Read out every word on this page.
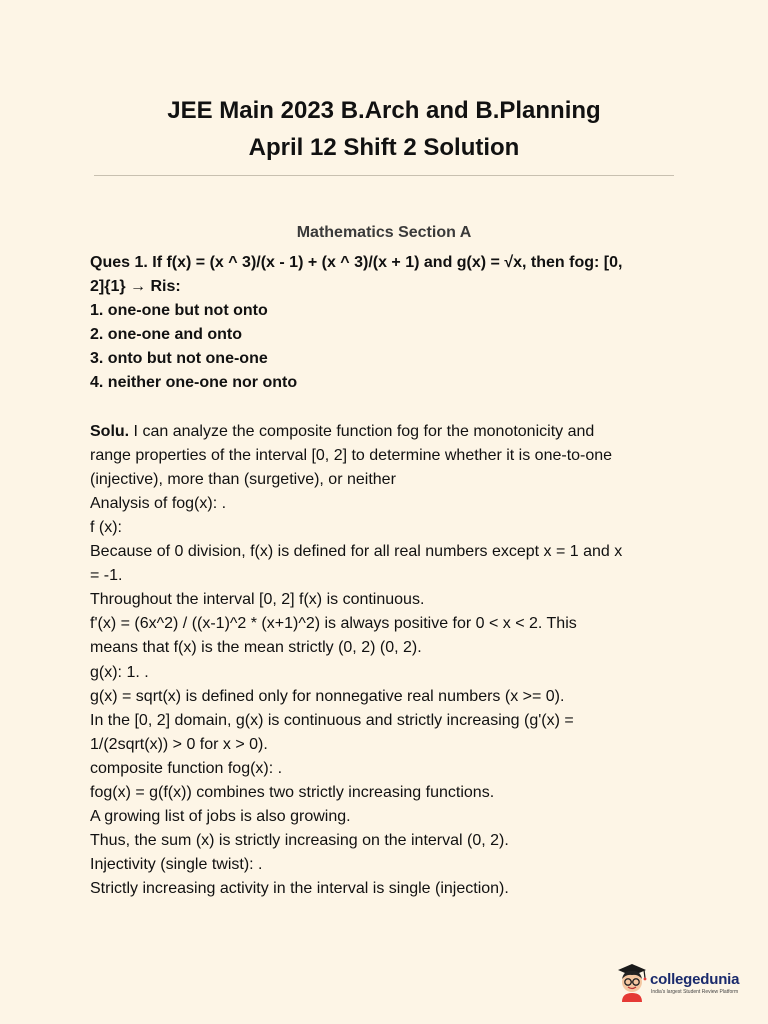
JEE Main 2023 B.Arch and B.Planning
April 12 Shift 2 Solution
Mathematics Section A

Ques 1. If f(x) = (x ^ 3)/(x - 1) + (x ^ 3)/(x + 1) and g(x) = √x, then fog: [0,

2]{1} → Ris:

1. one-one but not onto

2. one-one and onto

3. onto but not one-one

4. neither one-one nor onto

Solu. I can analyze the composite function fog for the monotonicity and

range properties of the interval [0, 2] to determine whether it is one-to-one

(injective), more than (surgetive), or neither

Analysis of fog(x): .

f (x):

Because of 0 division, f(x) is defined for all real numbers except x = 1 and x

= -1.

Throughout the interval [0, 2] f(x) is continuous.

f'(x) = (6x^2) / ((x-1)^2 * (x+1)^2) is always positive for 0 < x < 2. This

means that f(x) is the mean strictly (0, 2) (0, 2).

g(x): 1. .

g(x) = sqrt(x) is defined only for nonnegative real numbers (x >= 0).

In the [0, 2] domain, g(x) is continuous and strictly increasing (g'(x) =

1/(2sqrt(x)) > 0 for x > 0).

composite function fog(x): .

fog(x) = g(f(x)) combines two strictly increasing functions.

A growing list of jobs is also growing.

Thus, the sum (x) is strictly increasing on the interval (0, 2).

Injectivity (single twist): .

Strictly increasing activity in the interval is single (injection).

collegedunia
India's largest Student Review Platform
